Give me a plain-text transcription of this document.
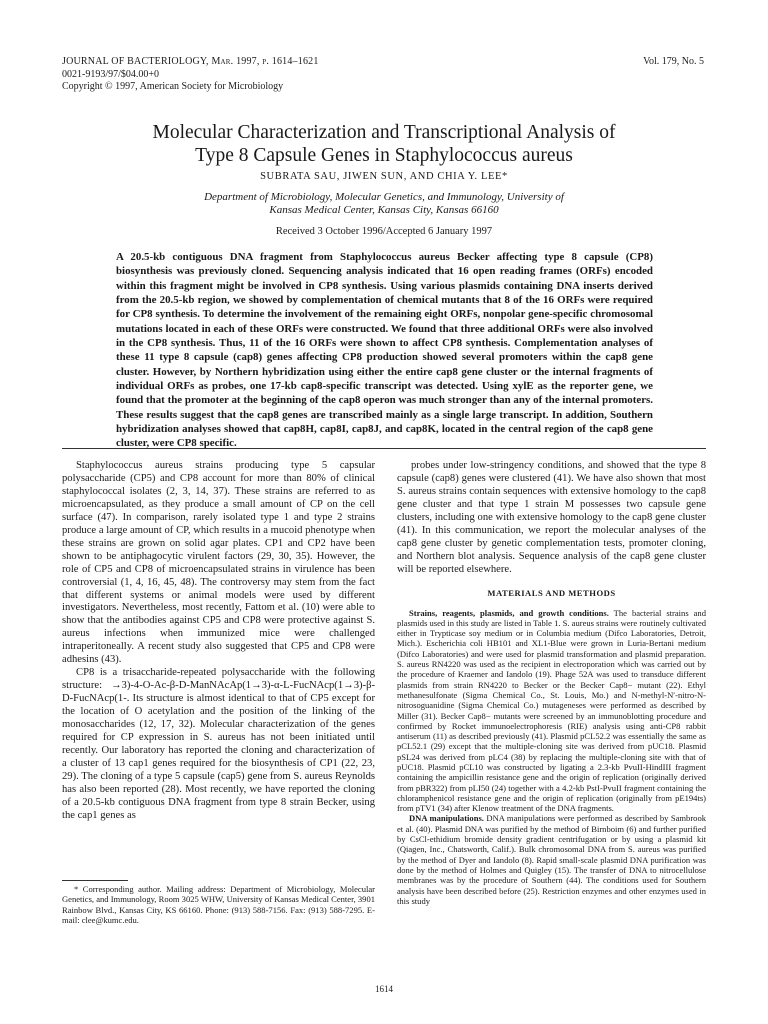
JOURNAL OF BACTERIOLOGY, Mar. 1997, p. 1614–1621
0021-9193/97/$04.00+0
Copyright © 1997, American Society for Microbiology
Vol. 179, No. 5
Molecular Characterization and Transcriptional Analysis of
Type 8 Capsule Genes in Staphylococcus aureus
SUBRATA SAU, JIWEN SUN, AND CHIA Y. LEE*
Department of Microbiology, Molecular Genetics, and Immunology, University of
Kansas Medical Center, Kansas City, Kansas 66160
Received 3 October 1996/Accepted 6 January 1997
A 20.5-kb contiguous DNA fragment from Staphylococcus aureus Becker affecting type 8 capsule (CP8) biosynthesis was previously cloned. Sequencing analysis indicated that 16 open reading frames (ORFs) encoded within this fragment might be involved in CP8 synthesis. Using various plasmids containing DNA inserts derived from the 20.5-kb region, we showed by complementation of chemical mutants that 8 of the 16 ORFs were required for CP8 synthesis. To determine the involvement of the remaining eight ORFs, nonpolar gene-specific chromosomal mutations located in each of these ORFs were constructed. We found that three additional ORFs were also involved in the CP8 synthesis. Thus, 11 of the 16 ORFs were shown to affect CP8 synthesis. Complementation analyses of these 11 type 8 capsule (cap8) genes affecting CP8 production showed several promoters within the cap8 gene cluster. However, by Northern hybridization using either the entire cap8 gene cluster or the internal fragments of individual ORFs as probes, one 17-kb cap8-specific transcript was detected. Using xylE as the reporter gene, we found that the promoter at the beginning of the cap8 operon was much stronger than any of the internal promoters. These results suggest that the cap8 genes are transcribed mainly as a single large transcript. In addition, Southern hybridization analyses showed that cap8H, cap8I, cap8J, and cap8K, located in the central region of the cap8 gene cluster, were CP8 specific.

Staphylococcus aureus strains producing type 5 capsular polysaccharide (CP5) and CP8 account for more than 80% of clinical staphylococcal isolates (2, 3, 14, 37). These strains are referred to as microencapsulated, as they produce a small amount of CP on the cell surface (47). In comparison, rarely isolated type 1 and type 2 strains produce a large amount of CP, which results in a mucoid phenotype when these strains are grown on solid agar plates. CP1 and CP2 have been shown to be antiphagocytic virulent factors (29, 30, 35). However, the role of CP5 and CP8 of microencapsulated strains in virulence has been controversial (1, 4, 16, 45, 48). The controversy may stem from the fact that different systems or animal models were used by different investigators. Nevertheless, most recently, Fattom et al. (10) were able to show that the antibodies against CP5 and CP8 were protective against S. aureus infections when immunized mice were challenged intraperitoneally. A recent study also suggested that CP5 and CP8 were adhesins (43).

CP8 is a trisaccharide-repeated polysaccharide with the following structure: →3)-4-O-Ac-β-D-ManNAcAp(1→3)-α-L-FucNAcp(1→3)-β-D-FucNAcp(1-. Its structure is almost identical to that of CP5 except for the location of O acetylation and the position of the linking of the monosaccharides (12, 17, 32). Molecular characterization of the genes required for CP expression in S. aureus has not been initiated until recently. Our laboratory has reported the cloning and characterization of a cluster of 13 cap1 genes required for the biosynthesis of CP1 (22, 23, 29). The cloning of a type 5 capsule (cap5) gene from S. aureus Reynolds has also been reported (28). Most recently, we have reported the cloning of a 20.5-kb contiguous DNA fragment from type 8 strain Becker, using the cap1 genes as

* Corresponding author. Mailing address: Department of Microbiology, Molecular Genetics, and Immunology, Room 3025 WHW, University of Kansas Medical Center, 3901 Rainbow Blvd., Kansas City, KS 66160. Phone: (913) 588-7156. Fax: (913) 588-7295. E-mail: clee@kumc.edu.

probes under low-stringency conditions, and showed that the type 8 capsule (cap8) genes were clustered (41). We have also shown that most S. aureus strains contain sequences with extensive homology to the cap8 gene cluster and that type 1 strain M possesses two capsule gene clusters, including one with extensive homology to the cap8 gene cluster (41). In this communication, we report the molecular analyses of the cap8 gene cluster by genetic complementation tests, promoter cloning, and Northern blot analysis. Sequence analysis of the cap8 gene cluster will be reported elsewhere.

MATERIALS AND METHODS

Strains, reagents, plasmids, and growth conditions. The bacterial strains and plasmids used in this study are listed in Table 1. S. aureus strains were routinely cultivated either in Trypticase soy medium or in Columbia medium (Difco Laboratories, Detroit, Mich.). Escherichia coli HB101 and XL1-Blue were grown in Luria-Bertani medium (Difco Laboratories) and were used for plasmid transformation and plasmid preparation. S. aureus RN4220 was used as the recipient in electroporation which was carried out by the procedure of Kraemer and Iandolo (19). Phage 52A was used to transduce different plasmids from strain RN4220 to Becker or the Becker Cap8− mutant (22). Ethyl methanesulfonate (Sigma Chemical Co., St. Louis, Mo.) and N-methyl-N′-nitro-N-nitrosoguanidine (Sigma Chemical Co.) mutageneses were performed as described by Miller (31). Becker Cap8− mutants were screened by an immunoblotting procedure and confirmed by Rocket immunoelectrophoresis (RIE) analysis using anti-CP8 rabbit antiserum (11) as described previously (41). Plasmid pCL52.2 was essentially the same as pCL52.1 (29) except that the multiple-cloning site was derived from pUC18. Plasmid pSL24 was derived from pLC4 (38) by replacing the multiple-cloning site with that of pUC18. Plasmid pCL10 was constructed by ligating a 2.3-kb PvuII-HindIII fragment containing the ampicillin resistance gene and the origin of replication (originally derived from pBR322) from pLI50 (24) together with a 4.2-kb PstI-PvuII fragment containing the chloramphenicol resistance gene and the origin of replication (originally from pE194ts) from pTV1 (34) after Klenow treatment of the DNA fragments.

DNA manipulations. DNA manipulations were performed as described by Sambrook et al. (40). Plasmid DNA was purified by the method of Birnboim (6) and further purified by CsCl-ethidium bromide density gradient centrifugation or by using a plasmid kit (Qiagen, Inc., Chatsworth, Calif.). Bulk chromosomal DNA from S. aureus was purified by the method of Dyer and Iandolo (8). Rapid small-scale plasmid DNA purification was done by the method of Holmes and Quigley (15). The transfer of DNA to nitrocellulose membranes was by the procedure of Southern (44). The conditions used for Southern analysis have been described before (25). Restriction enzymes and other enzymes used in this study

1614
